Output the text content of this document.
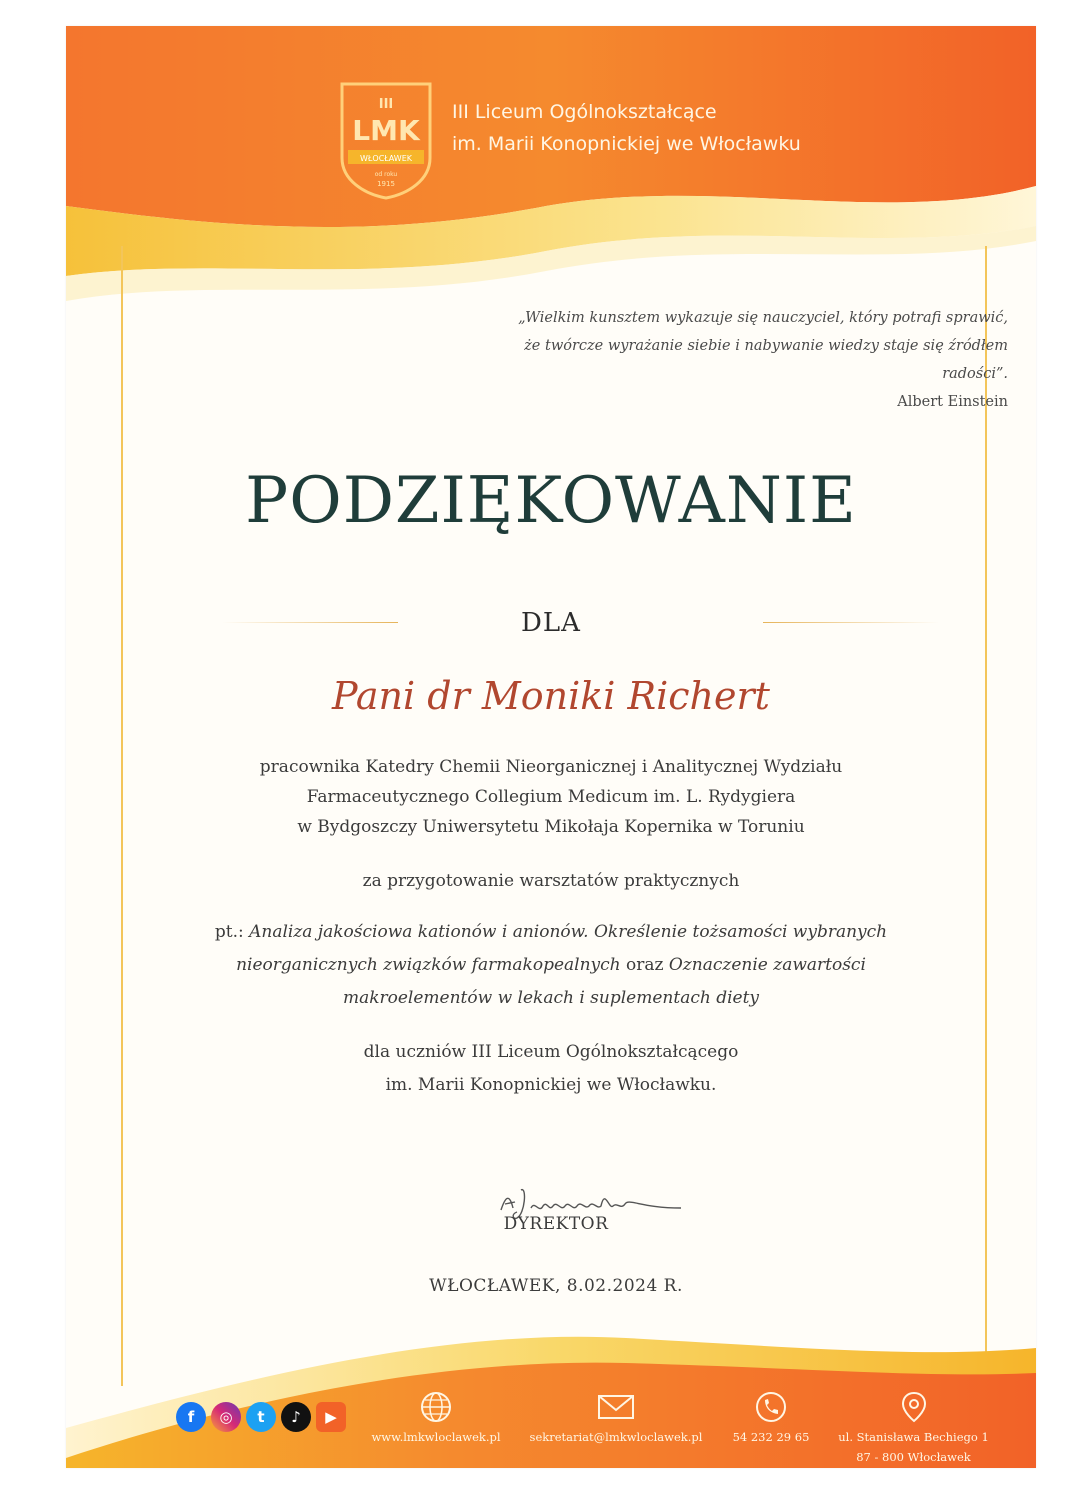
III
LMK
WŁOCŁAWEK
od roku
1915
III Liceum Ogólnokształcące
im. Marii Konopnickiej we Włocławku
„Wielkim kunsztem wykazuje się nauczyciel, który potrafi sprawić,
że twórcze wyrażanie siebie i nabywanie wiedzy staje się źródłem
radości”.
Albert Einstein
PODZIĘKOWANIE
DLA
Pani dr Moniki Richert
pracownika Katedry Chemii Nieorganicznej i Analitycznej Wydziału
Farmaceutycznego Collegium Medicum im. L. Rydygiera
w Bydgoszczy Uniwersytetu Mikołaja Kopernika w Toruniu
za przygotowanie warsztatów praktycznych
pt.: Analiza jakościowa kationów i anionów. Określenie tożsamości wybranych
nieorganicznych związków farmakopealnych oraz Oznaczenie zawartości
makroelementów w lekach i suplementach diety
dla uczniów III Liceum Ogólnokształcącego
im. Marii Konopnickiej we Włocławku.
DYREKTOR
WŁOCŁAWEK, 8.02.2024 R.
f	◎	t	♪	▶
www.lmkwloclawek.pl	sekretariat@lmkwloclawek.pl	54 232 29 65	ul. Stanisława Bechiego 1
87 - 800 Włocławek
